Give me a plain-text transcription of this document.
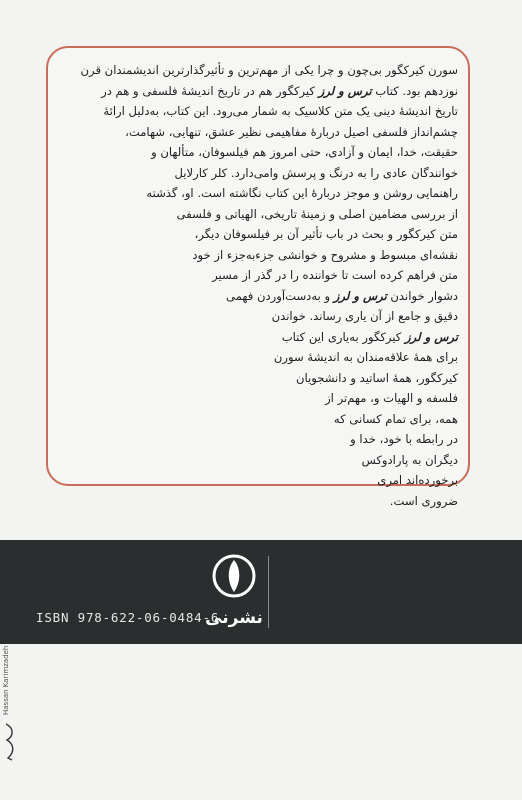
سورن کیرکگور بی‌چون و چرا یکی از مهم‌ترین و تأثیرگذارترین اندیشمندان قرن
نوزدهم بود. کتاب ترس و لرز کیرکگور هم در تاریخ اندیشهٔ فلسفی و هم در
تاریخ اندیشهٔ دینی یک متن کلاسیک به شمار می‌رود. این کتاب، به‌دلیل ارائهٔ
چشم‌انداز فلسفی اصیل دربارهٔ مفاهیمی نظیر عشق، تنهایی، شهامت،
حقیقت، خدا، ایمان و آزادی، حتی امروز هم فیلسوفان، متألهان و
خوانندگان عادی را به درنگ و پرسش وامی‌دارد. کلر کارلایل
راهنمایی روشن و موجز دربارهٔ این کتاب نگاشته است. او، گذشته
از بررسی مضامین اصلی و زمینهٔ تاریخی، الهیاتی و فلسفی
متن کیرکگور و بحث در باب تأثیر آن بر فیلسوفان دیگر،
نقشه‌ای مبسوط و مشروح و خوانشی جزءبه‌جزء از خود
متن فراهم کرده است تا خواننده را در گذر از مسیر
دشوار خواندن ترس و لرز و به‌دست‌آوردن فهمی
دقیق و جامع از آن یاری رساند. خواندن
ترس و لرز کیرکگور به‌یاری این کتاب
برای همهٔ علاقه‌مندان به اندیشهٔ سورن
کیرکگور، همهٔ اساتید و دانشجویان
فلسفه و الهیات و، مهم‌تر از
همه، برای تمام کسانی که
در رابطه با خود، خدا و
دیگران به پارادوکس
برخورده‌اند امری
ضروری است.
نشرنی
ISBN 978-622-06-0484-6
Hassan Karimzadeh
